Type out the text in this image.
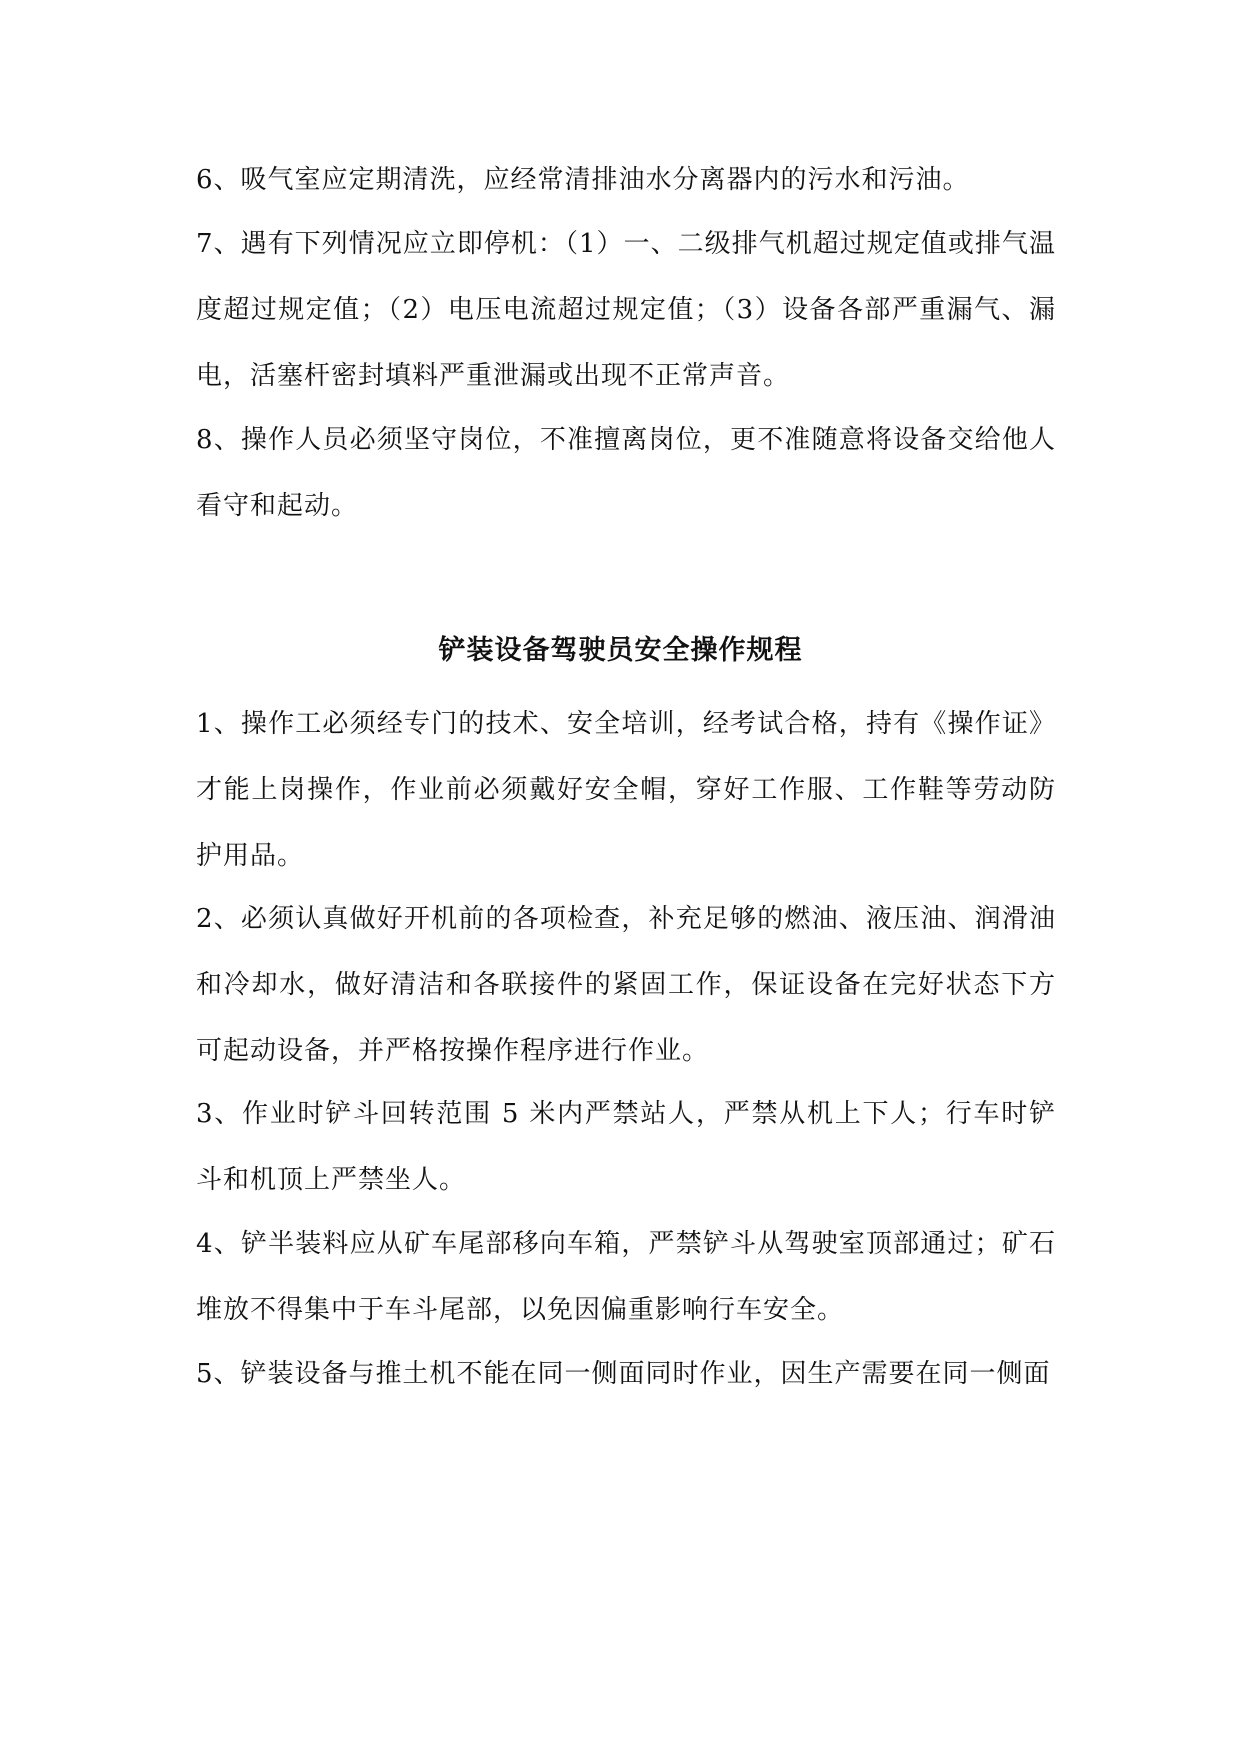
6、吸气室应定期清洗，应经常清排油水分离器内的污水和污油。

7、遇有下列情况应立即停机：（1）一、二级排气机超过规定值或排气温度超过规定值；（2）电压电流超过规定值；（3）设备各部严重漏气、漏电，活塞杆密封填料严重泄漏或出现不正常声音。

8、操作人员必须坚守岗位，不准擅离岗位，更不准随意将设备交给他人看守和起动。

铲装设备驾驶员安全操作规程

1、操作工必须经专门的技术、安全培训，经考试合格，持有《操作证》才能上岗操作，作业前必须戴好安全帽，穿好工作服、工作鞋等劳动防护用品。

2、必须认真做好开机前的各项检查，补充足够的燃油、液压油、润滑油和冷却水，做好清洁和各联接件的紧固工作，保证设备在完好状态下方可起动设备，并严格按操作程序进行作业。

3、作业时铲斗回转范围 5 米内严禁站人，严禁从机上下人；行车时铲斗和机顶上严禁坐人。

4、铲半装料应从矿车尾部移向车箱，严禁铲斗从驾驶室顶部通过；矿石堆放不得集中于车斗尾部，以免因偏重影响行车安全。

5、铲装设备与推土机不能在同一侧面同时作业，因生产需要在同一侧面
